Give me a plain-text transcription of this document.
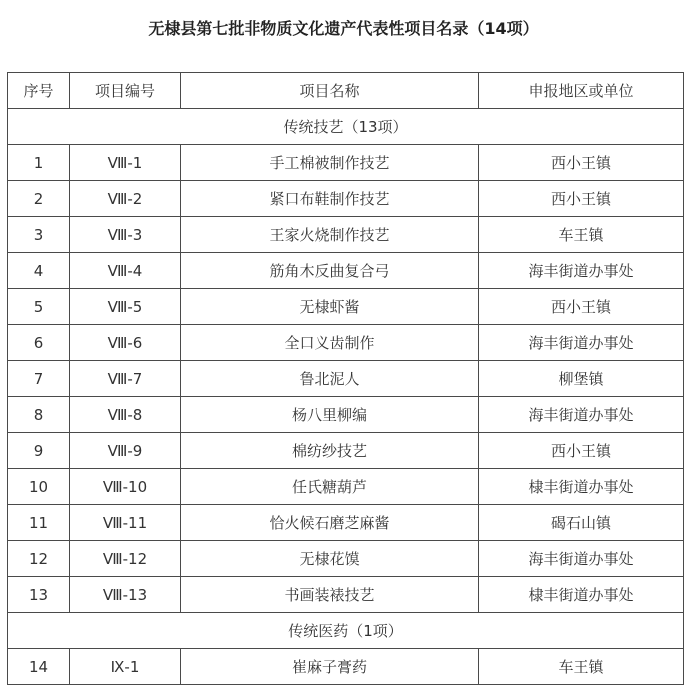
无棣县第七批非物质文化遗产代表性项目名录（14项）
序号	项目编号	项目名称	申报地区或单位
传统技艺（13项）			
1	Ⅷ-1	手工棉被制作技艺	西小王镇
2	Ⅷ-2	紧口布鞋制作技艺	西小王镇
3	Ⅷ-3	王家火烧制作技艺	车王镇
4	Ⅷ-4	筋角木反曲复合弓	海丰街道办事处
5	Ⅷ-5	无棣虾酱	西小王镇
6	Ⅷ-6	全口义齿制作	海丰街道办事处
7	Ⅷ-7	鲁北泥人	柳堡镇
8	Ⅷ-8	杨八里柳编	海丰街道办事处
9	Ⅷ-9	棉纺纱技艺	西小王镇
10	Ⅷ-10	任氏糖葫芦	棣丰街道办事处
11	Ⅷ-11	恰火候石磨芝麻酱	碣石山镇
12	Ⅷ-12	无棣花馍	海丰街道办事处
13	Ⅷ-13	书画装裱技艺	棣丰街道办事处
传统医药（1项）			
14	Ⅸ-1	崔麻子膏药	车王镇
